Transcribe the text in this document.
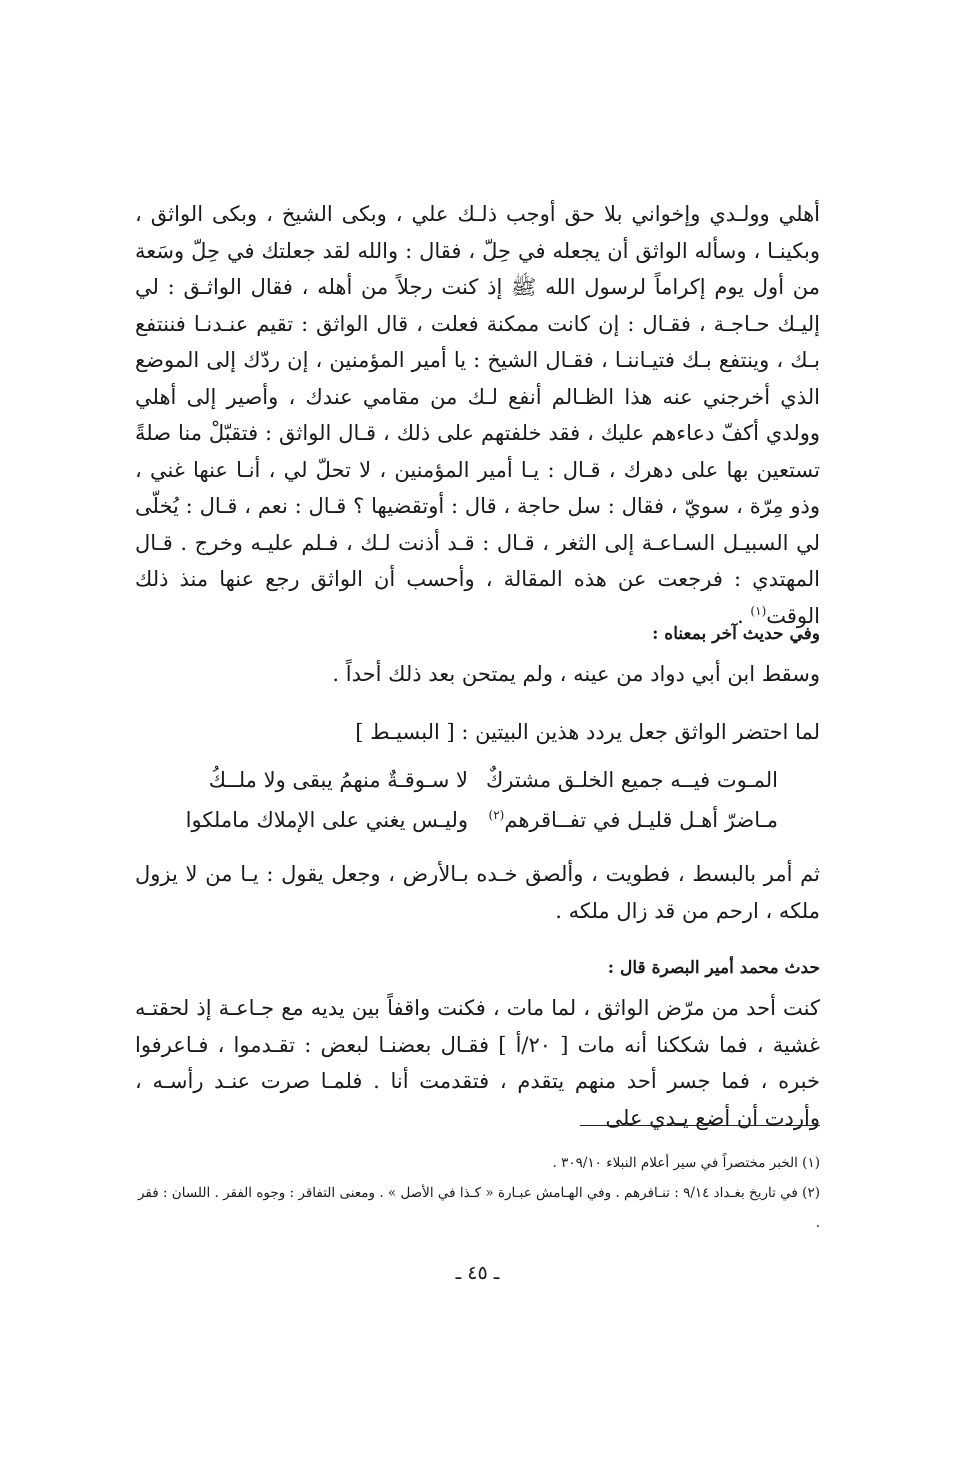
أهلي وولـدي وإخواني بلا حق أوجب ذلـك علي ، وبكى الشيخ ، وبكى الواثق ، وبكينـا ، وسأله الواثق أن يجعله في حِلّ ، فقال : والله لقد جعلتك في حِلّ وسَعة من أول يوم إكراماً لرسول الله ﷺ إذ كنت رجلاً من أهله ، فقال الواثـق : لي إليـك حـاجـة ، فقـال : إن كانت ممكنة فعلت ، قال الواثق : تقيم عنـدنـا فننتفع بـك ، وينتفع بـك فتيـاننـا ، فقـال الشيخ : يا أمير المؤمنين ، إن ردّك إلى الموضع الذي أخرجني عنه هذا الظـالم أنفع لـك من مقامي عندك ، وأصير إلى أهلي وولدي أكفّ دعاءهم عليك ، فقد خلفتهم على ذلك ، قـال الواثق : فتقبّلْ منا صلةً تستعين بها على دهرك ، قـال : يـا أمير المؤمنين ، لا تحلّ لي ، أنـا عنها غني ، وذو مِرّة ، سويّ ، فقال : سل حاجة ، قال : أوتقضيها ؟ قـال : نعم ، قـال : يُخلّى لي السبيـل السـاعـة إلى الثغر ، قـال : قـد أذنت لـك ، فـلم عليـه وخرج . قـال المهتدي : فرجعت عن هذه المقالة ، وأحسب أن الواثق رجع عنها منذ ذلك الوقت$^{(١)}$ .

وفي حديث آخر بمعناه :

وسقط ابن أبي دواد من عينه ، ولم يمتحن بعد ذلك أحداً .

لما احتضر الواثق جعل يردد هذين البيتين : [ البسيـط ]

المـوت فيــه جميع الخلـق مشتركٌ
لا سـوقـةٌ منهمُ يبقى ولا ملــكُ
مـاضرّ أهـل قليـل في تفــاقرهم$^{(٢)}$
وليـس يغني على الإملاك ماملكوا

ثم أمر بالبسط ، فطويت ، وألصق خـده بـالأرض ، وجعل يقول : يـا من لا يزول ملكه ، ارحم من قد زال ملكه .

حدث محمد أمير البصرة قال :

كنت أحد من مرّض الواثق ، لما مات ، فكنت واقفاً بين يديه مع جـاعـة إذ لحقتـه غشية ، فما شككنا أنه مات [ ٢٠/أ ] فقـال بعضنـا لبعض : تقـدموا ، فـاعرفوا خبره ، فما جسر أحد منهم يتقدم ، فتقدمت أنا . فلمـا صرت عنـد رأسـه ، وأردت أن أضع يـدي على

(١) الخبر مختصراً في سير أعلام النبلاء ٣٠٩/١٠ .

(٢) في تاريخ بغـداد ٩/١٤ : تنـافرهم . وفي الهـامش عبـارة « كـذا في الأصل » . ومعنى التفاقر : وجوه الفقر . اللسان : فقر .

ـ ٤٥ ـ
